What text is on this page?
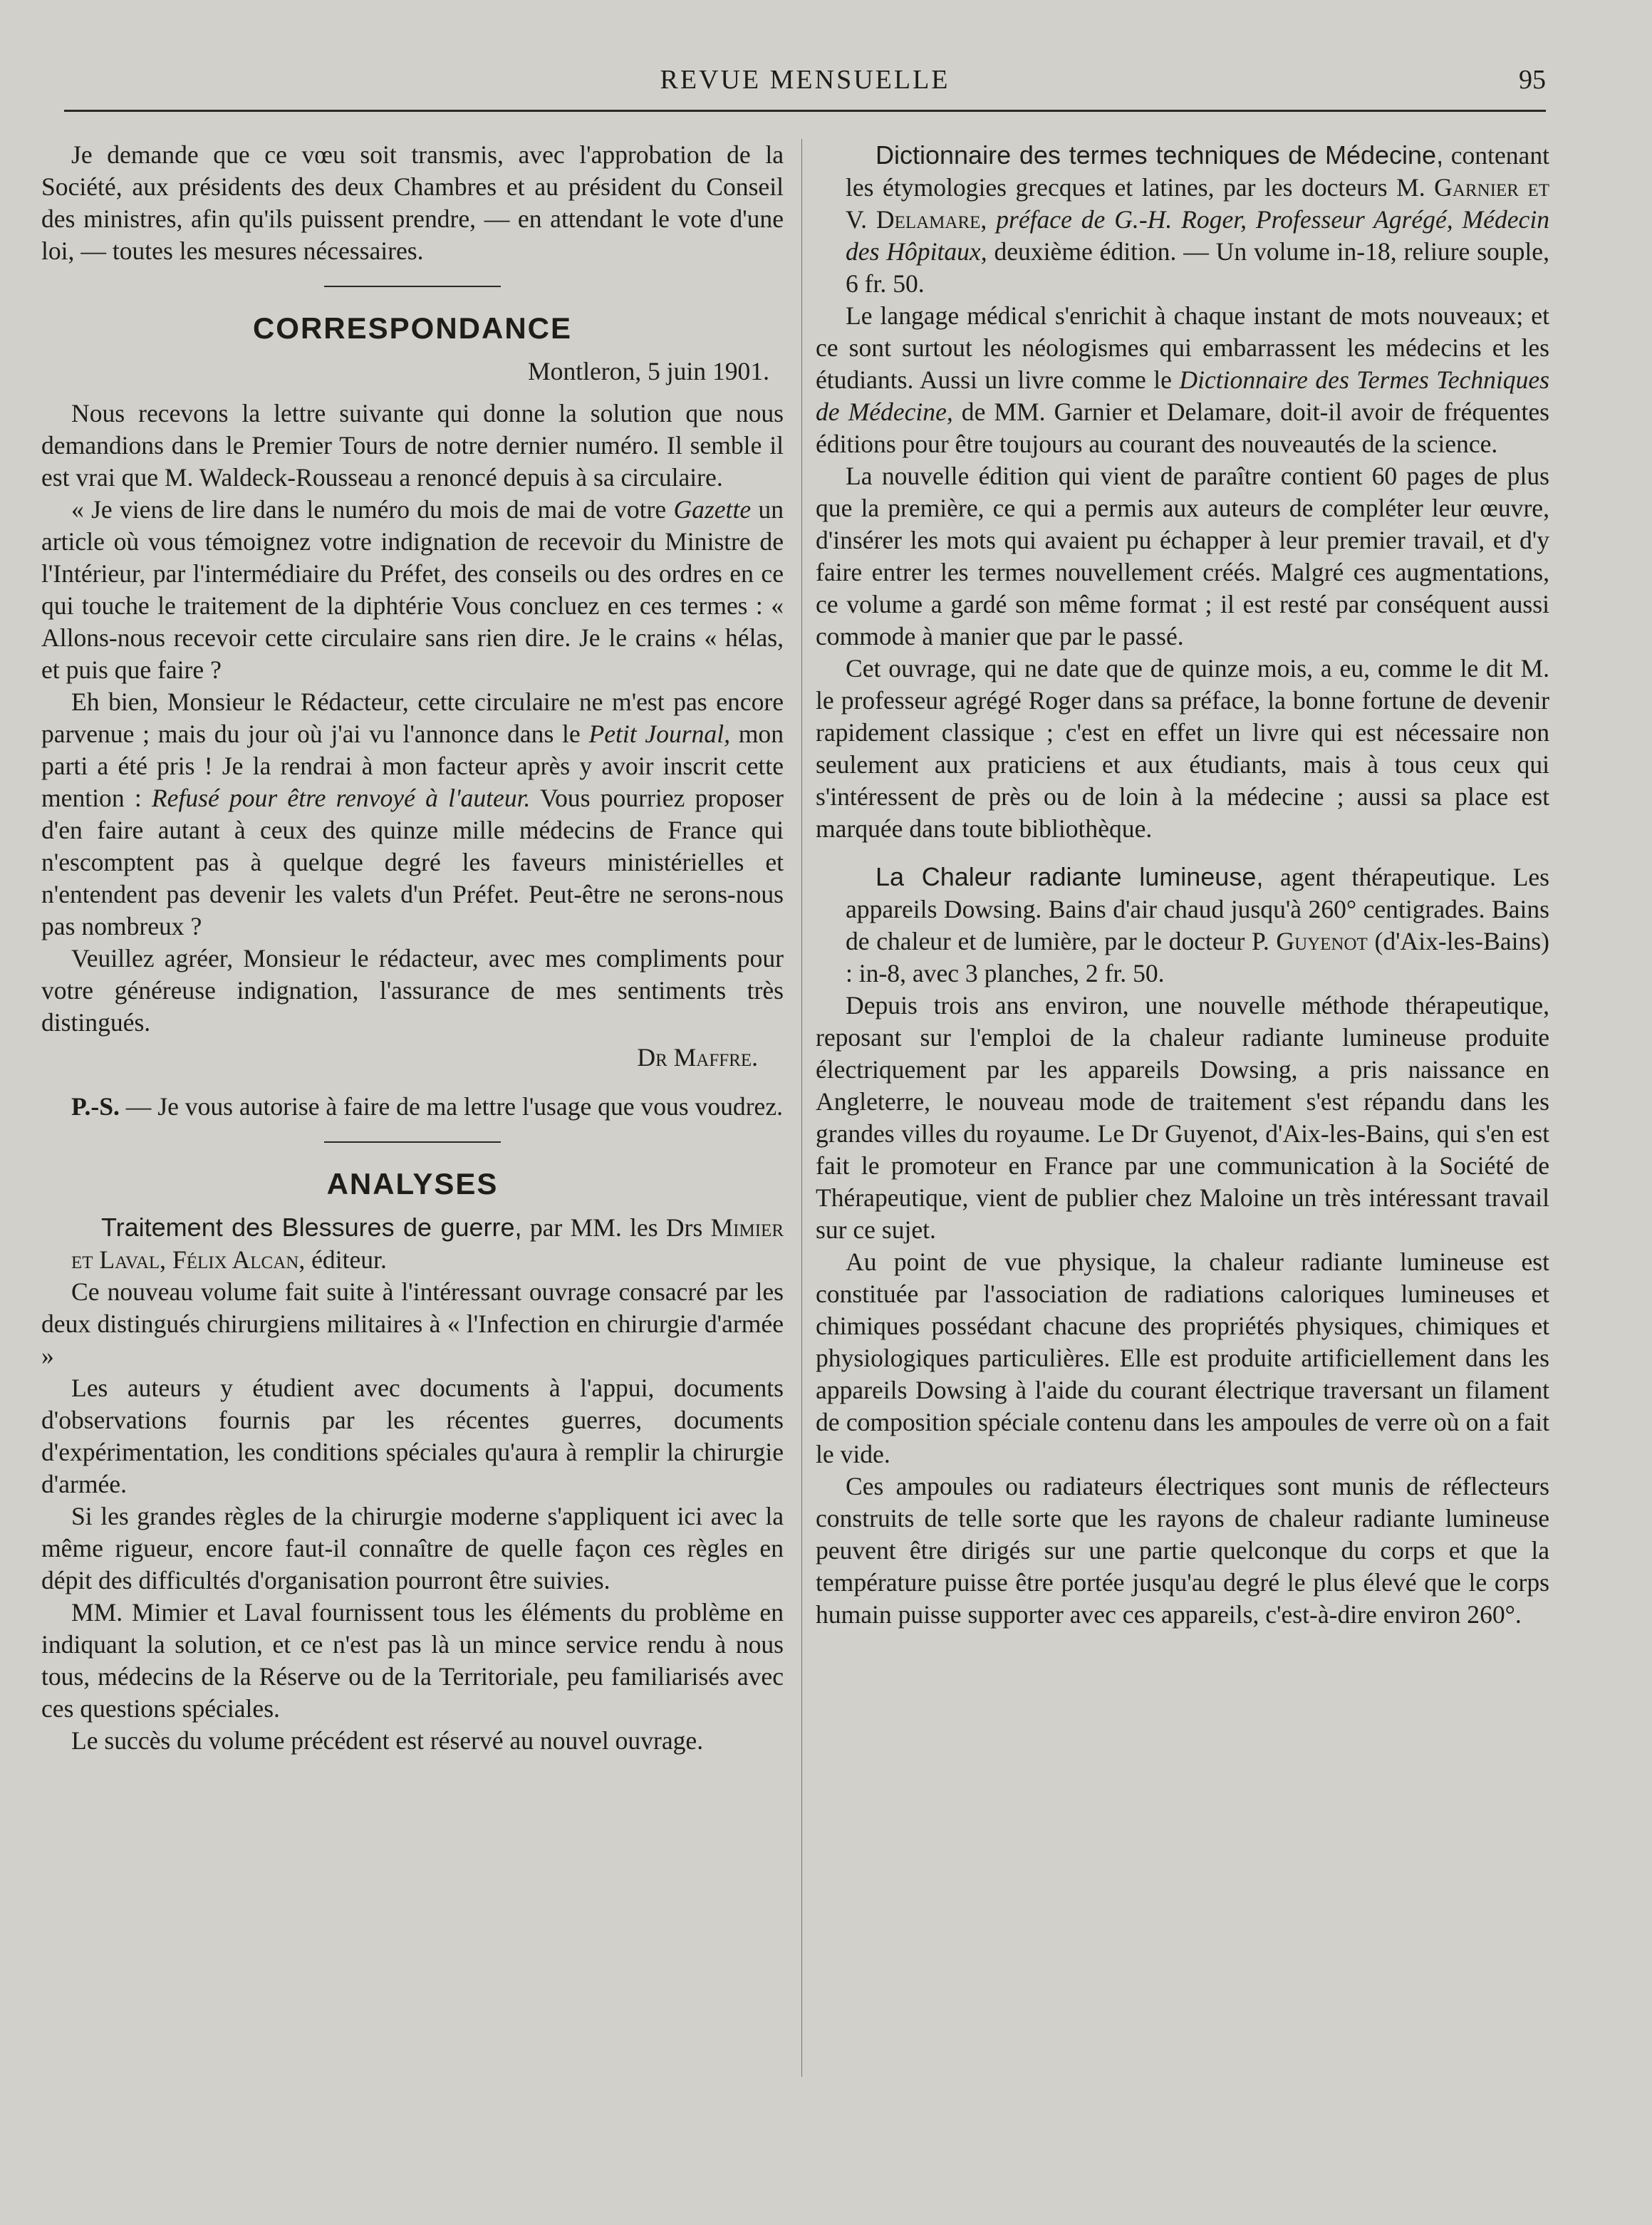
REVUE MENSUELLE	95

Je demande que ce vœu soit transmis, avec l'approbation de la Société, aux présidents des deux Chambres et au président du Conseil des ministres, afin qu'ils puissent prendre, — en attendant le vote d'une loi, — toutes les mesures nécessaires.

CORRESPONDANCE
Montleron, 5 juin 1901.

Nous recevons la lettre suivante qui donne la solution que nous demandions dans le Premier Tours de notre dernier numéro. Il semble il est vrai que M. Waldeck-Rousseau a renoncé depuis à sa circulaire.

« Je viens de lire dans le numéro du mois de mai de votre Gazette un article où vous témoignez votre indignation de recevoir du Ministre de l'Intérieur, par l'intermédiaire du Préfet, des conseils ou des ordres en ce qui touche le traitement de la diphtérie Vous concluez en ces termes : « Allons-nous recevoir cette circulaire sans rien dire. Je le crains « hélas, et puis que faire ?

Eh bien, Monsieur le Rédacteur, cette circulaire ne m'est pas encore parvenue ; mais du jour où j'ai vu l'annonce dans le Petit Journal, mon parti a été pris ! Je la rendrai à mon facteur après y avoir inscrit cette mention : Refusé pour être renvoyé à l'auteur. Vous pourriez proposer d'en faire autant à ceux des quinze mille médecins de France qui n'escomptent pas à quelque degré les faveurs ministérielles et n'entendent pas devenir les valets d'un Préfet. Peut-être ne serons-nous pas nombreux ?

Veuillez agréer, Monsieur le rédacteur, avec mes compliments pour votre généreuse indignation, l'assurance de mes sentiments très distingués.

Dr Maffre.

P.-S. — Je vous autorise à faire de ma lettre l'usage que vous voudrez.

ANALYSES

Traitement des Blessures de guerre, par MM. les Drs Mimier et Laval, Félix Alcan, éditeur.

Ce nouveau volume fait suite à l'intéressant ouvrage consacré par les deux distingués chirurgiens militaires à « l'Infection en chirurgie d'armée »

Les auteurs y étudient avec documents à l'appui, documents d'observations fournis par les récentes guerres, documents d'expérimentation, les conditions spéciales qu'aura à remplir la chirurgie d'armée.

Si les grandes règles de la chirurgie moderne s'appliquent ici avec la même rigueur, encore faut-il connaître de quelle façon ces règles en dépit des difficultés d'organisation pourront être suivies.

MM. Mimier et Laval fournissent tous les éléments du problème en indiquant la solution, et ce n'est pas là un mince service rendu à nous tous, médecins de la Réserve ou de la Territoriale, peu familiarisés avec ces questions spéciales.

Le succès du volume précédent est réservé au nouvel ouvrage.

Dictionnaire des termes techniques de Médecine, contenant les étymologies grecques et latines, par les docteurs M. Garnier et V. Delamare, préface de G.-H. Roger, Professeur Agrégé, Médecin des Hôpitaux, deuxième édition. — Un volume in-18, reliure souple, 6 fr. 50.

Le langage médical s'enrichit à chaque instant de mots nouveaux; et ce sont surtout les néologismes qui embarrassent les médecins et les étudiants. Aussi un livre comme le Dictionnaire des Termes Techniques de Médecine, de MM. Garnier et Delamare, doit-il avoir de fréquentes éditions pour être toujours au courant des nouveautés de la science.

La nouvelle édition qui vient de paraître contient 60 pages de plus que la première, ce qui a permis aux auteurs de compléter leur œuvre, d'insérer les mots qui avaient pu échapper à leur premier travail, et d'y faire entrer les termes nouvellement créés. Malgré ces augmentations, ce volume a gardé son même format ; il est resté par conséquent aussi commode à manier que par le passé.

Cet ouvrage, qui ne date que de quinze mois, a eu, comme le dit M. le professeur agrégé Roger dans sa préface, la bonne fortune de devenir rapidement classique ; c'est en effet un livre qui est nécessaire non seulement aux praticiens et aux étudiants, mais à tous ceux qui s'intéressent de près ou de loin à la médecine ; aussi sa place est marquée dans toute bibliothèque.

La Chaleur radiante lumineuse, agent thérapeutique. Les appareils Dowsing. Bains d'air chaud jusqu'à 260° centigrades. Bains de chaleur et de lumière, par le docteur P. Guyenot (d'Aix-les-Bains) : in-8, avec 3 planches, 2 fr. 50.

Depuis trois ans environ, une nouvelle méthode thérapeutique, reposant sur l'emploi de la chaleur radiante lumineuse produite électriquement par les appareils Dowsing, a pris naissance en Angleterre, le nouveau mode de traitement s'est répandu dans les grandes villes du royaume. Le Dr Guyenot, d'Aix-les-Bains, qui s'en est fait le promoteur en France par une communication à la Société de Thérapeutique, vient de publier chez Maloine un très intéressant travail sur ce sujet.

Au point de vue physique, la chaleur radiante lumineuse est constituée par l'association de radiations caloriques lumineuses et chimiques possédant chacune des propriétés physiques, chimiques et physiologiques particulières. Elle est produite artificiellement dans les appareils Dowsing à l'aide du courant électrique traversant un filament de composition spéciale contenu dans les ampoules de verre où on a fait le vide.

Ces ampoules ou radiateurs électriques sont munis de réflecteurs construits de telle sorte que les rayons de chaleur radiante lumineuse peuvent être dirigés sur une partie quelconque du corps et que la température puisse être portée jusqu'au degré le plus élevé que le corps humain puisse supporter avec ces appareils, c'est-à-dire environ 260°.
